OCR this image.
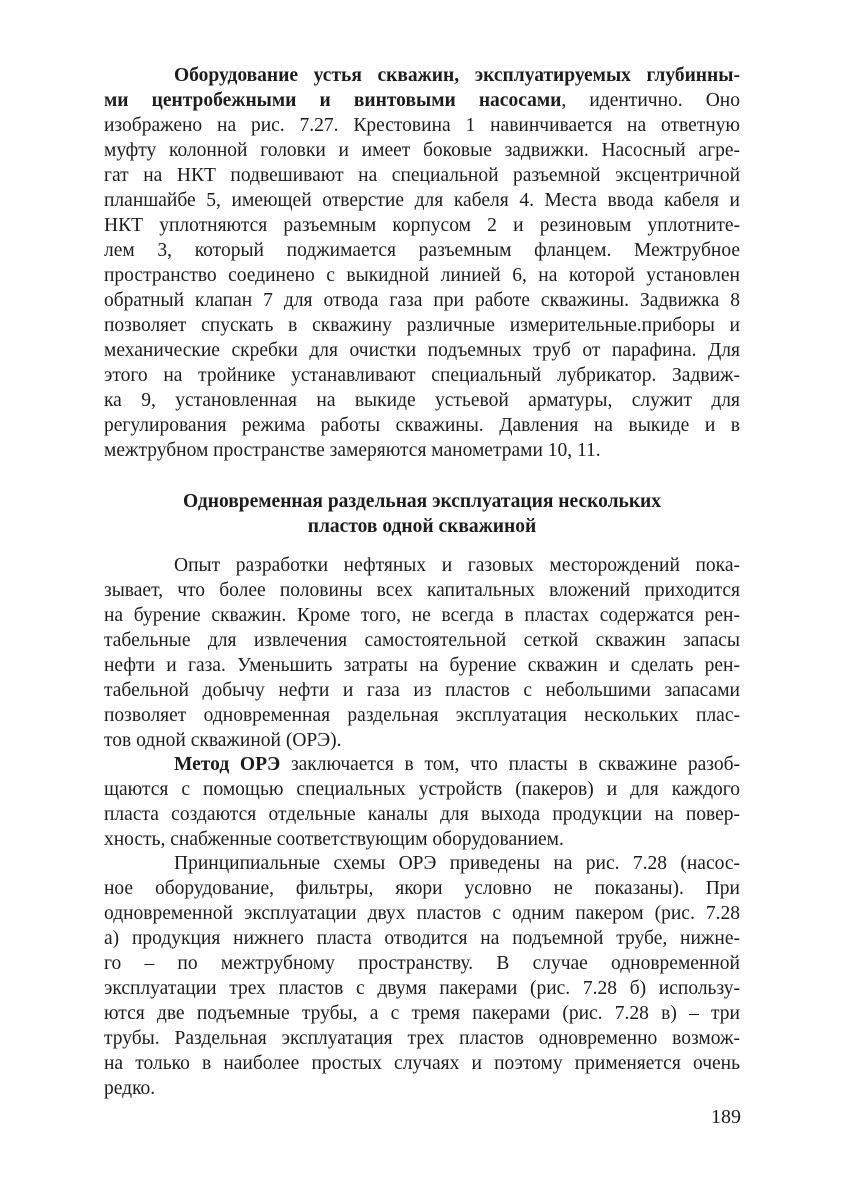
Оборудование устья скважин, эксплуатируемых глубинны-
ми центробежными и винтовыми насосами, идентично. Оно
изображено на рис. 7.27. Крестовина 1 навинчивается на ответную
муфту колонной головки и имеет боковые задвижки. Насосный агре-
гат на НКТ подвешивают на специальной разъемной эксцентричной
планшайбе 5, имеющей отверстие для кабеля 4. Места ввода кабеля и
НКТ уплотняются разъемным корпусом 2 и резиновым уплотните-
лем 3, который поджимается разъемным фланцем. Межтрубное
пространство соединено с выкидной линией 6, на которой установлен
обратный клапан 7 для отвода газа при работе скважины. Задвижка 8
позволяет спускать в скважину различные измерительные.приборы и
механические скребки для очистки подъемных труб от парафина. Для
этого на тройнике устанавливают специальный лубрикатор. Задвиж-
ка 9, установленная на выкиде устьевой арматуры, служит для
регулирования режима работы скважины. Давления на выкиде и в
межтрубном пространстве замеряются манометрами 10, 11.
Одновременная раздельная эксплуатация нескольких
пластов одной скважиной
Опыт разработки нефтяных и газовых месторождений пока-
зывает, что более половины всех капитальных вложений приходится
на бурение скважин. Кроме того, не всегда в пластах содержатся рен-
табельные для извлечения самостоятельной сеткой скважин запасы
нефти и газа. Уменьшить затраты на бурение скважин и сделать рен-
табельной добычу нефти и газа из пластов с небольшими запасами
позволяет одновременная раздельная эксплуатация нескольких плас-
тов одной скважиной (ОРЭ).
Метод ОРЭ заключается в том, что пласты в скважине разоб-
щаются с помощью специальных устройств (пакеров) и для каждого
пласта создаются отдельные каналы для выхода продукции на повер-
хность, снабженные соответствующим оборудованием.
Принципиальные схемы ОРЭ приведены на рис. 7.28 (насос-
ное оборудование, фильтры, якори условно не показаны). При
одновременной эксплуатации двух пластов с одним пакером (рис. 7.28
а) продукция нижнего пласта отводится на подъемной трубе, нижне-
го – по межтрубному пространству. В случае одновременной
эксплуатации трех пластов с двумя пакерами (рис. 7.28 б) использу-
ются две подъемные трубы, а с тремя пакерами (рис. 7.28 в) – три
трубы. Раздельная эксплуатация трех пластов одновременно возмож-
на только в наиболее простых случаях и поэтому применяется очень
редко.
189
